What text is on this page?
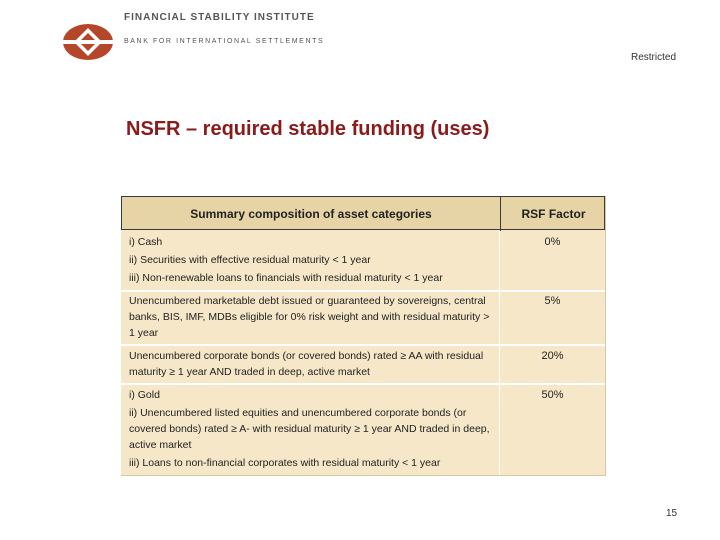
FINANCIAL STABILITY INSTITUTE
BANK FOR INTERNATIONAL SETTLEMENTS
Restricted
NSFR – required stable funding (uses)
Summary composition of asset categories	RSF Factor
i) Cash
ii) Securities with effective residual maturity < 1 year
iii) Non-renewable loans to financials with residual maturity < 1 year
0%
Unencumbered marketable debt issued or guaranteed by sovereigns, central banks, BIS, IMF, MDBs eligible for 0% risk weight and with residual maturity > 1 year
5%
Unencumbered corporate bonds (or covered bonds) rated ≥ AA with residual maturity ≥ 1 year AND traded in deep, active market
20%
i) Gold
ii) Unencumbered listed equities and unencumbered corporate bonds (or covered bonds) rated ≥ A- with residual maturity ≥ 1 year AND traded in deep, active market
iii) Loans to non-financial corporates with residual maturity < 1 year
50%
15
